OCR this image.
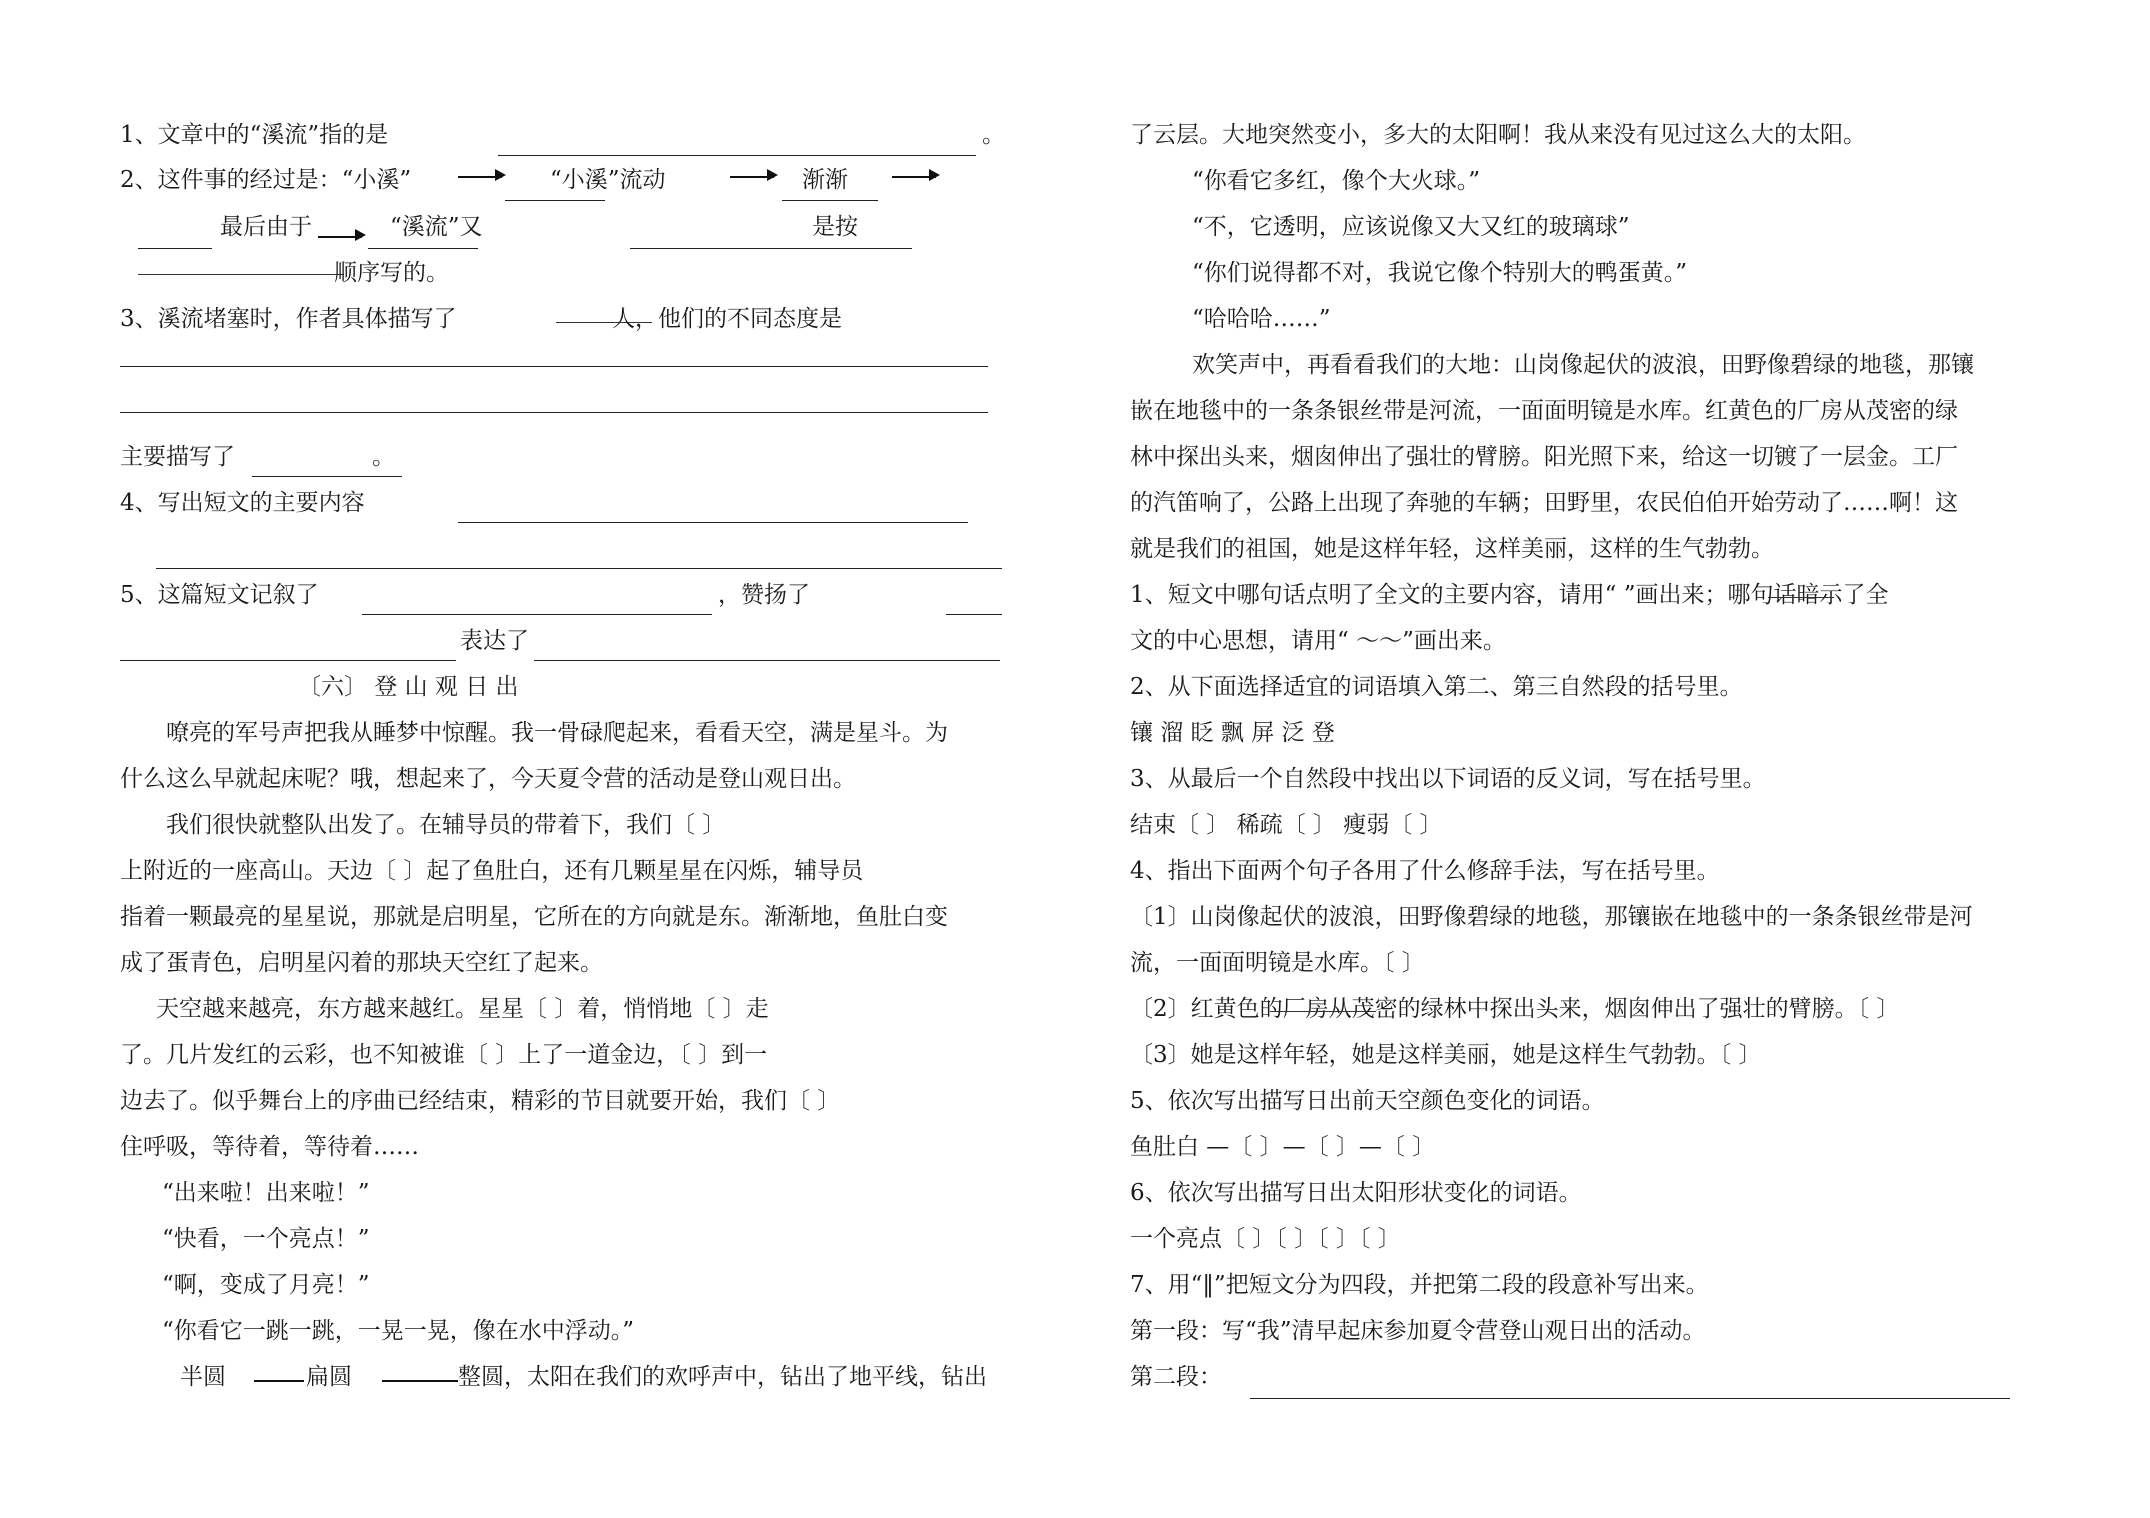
1、文章中的“溪流”指的是	。
2、这件事的经过是：“小溪”	“小溪”流动	渐渐
最后由于	“溪流”又	是按
顺序写的。
3、溪流堵塞时，作者具体描写了	人，他们的不同态度是
主要描写了	。
4、写出短文的主要内容
5、这篇短文记叙了	，赞扬了
表达了
〔六〕 登 山 观 日 出
嘹亮的军号声把我从睡梦中惊醒。我一骨碌爬起来，看看天空，满是星斗。为
什么这么早就起床呢？哦，想起来了，今天夏令营的活动是登山观日出。
我们很快就整队出发了。在辅导员的带着下，我们〔 〕
上附近的一座高山。天边〔 〕起了鱼肚白，还有几颗星星在闪烁，辅导员
指着一颗最亮的星星说，那就是启明星，它所在的方向就是东。渐渐地，鱼肚白变
成了蛋青色，启明星闪着的那块天空红了起来。
天空越来越亮，东方越来越红。星星〔 〕着，悄悄地〔 〕走
了。几片发红的云彩，也不知被谁〔 〕上了一道金边，〔 〕到一
边去了。似乎舞台上的序曲已经结束，精彩的节目就要开始，我们〔 〕
住呼吸，等待着，等待着……
“出来啦！出来啦！”
“快看，一个亮点！”
“啊，变成了月亮！”
“你看它一跳一跳，一晃一晃，像在水中浮动。”
半圆	扁圆	整圆，太阳在我们的欢呼声中，钻出了地平线，钻出
了云层。大地突然变小，多大的太阳啊！我从来没有见过这么大的太阳。
“你看它多红，像个大火球。”
“不，它透明，应该说像又大又红的玻璃球”
“你们说得都不对，我说它像个特别大的鸭蛋黄。”
“哈哈哈……”
欢笑声中，再看看我们的大地：山岗像起伏的波浪，田野像碧绿的地毯，那镶
嵌在地毯中的一条条银丝带是河流，一面面明镜是水库。红黄色的厂房从茂密的绿
林中探出头来，烟囱伸出了强壮的臂膀。阳光照下来，给这一切镀了一层金。工厂
的汽笛响了，公路上出现了奔驰的车辆；田野里，农民伯伯开始劳动了……啊！这
就是我们的祖国，她是这样年轻，这样美丽，这样的生气勃勃。
1、短文中哪句话点明了全文的主要内容，请用“ ”画出来；哪句话暗示了全
文的中心思想，请用“ ～～”画出来。
2、从下面选择适宜的词语填入第二、第三自然段的括号里。
镶 溜 眨 飘 屏 泛 登
3、从最后一个自然段中找出以下词语的反义词，写在括号里。
结束〔 〕 稀疏〔 〕 瘦弱〔 〕
4、指出下面两个句子各用了什么修辞手法，写在括号里。
〔1〕山岗像起伏的波浪，田野像碧绿的地毯，那镶嵌在地毯中的一条条银丝带是河
流，一面面明镜是水库。〔 〕
〔2〕红黄色的厂房从茂密的绿林中探出头来，烟囱伸出了强壮的臂膀。〔 〕
〔3〕她是这样年轻，她是这样美丽，她是这样生气勃勃。〔 〕
5、依次写出描写日出前天空颜色变化的词语。
鱼肚白 —〔 〕—〔 〕—〔 〕
6、依次写出描写日出太阳形状变化的词语。
一个亮点〔 〕〔 〕〔 〕〔 〕
7、用“‖”把短文分为四段，并把第二段的段意补写出来。
第一段：写“我”清早起床参加夏令营登山观日出的活动。
第二段：
